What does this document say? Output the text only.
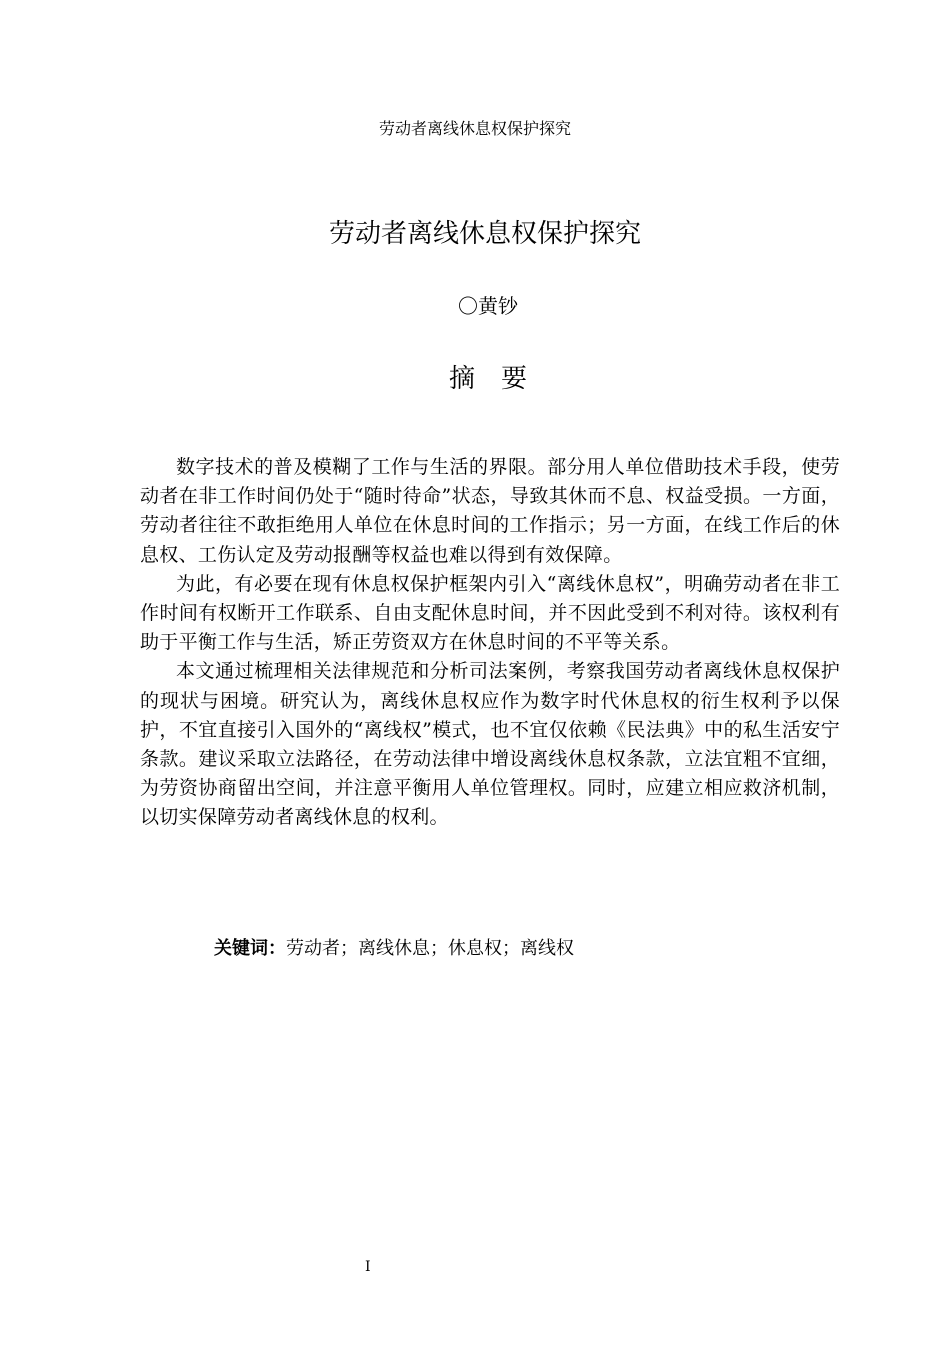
劳动者离线休息权保护探究
劳动者离线休息权保护探究
〇黄钞
摘　要

数字技术的普及模糊了工作与生活的界限。部分用人单位借助技术手段，使劳动者在非工作时间仍处于“随时待命”状态，导致其休而不息、权益受损。一方面，劳动者往往不敢拒绝用人单位在休息时间的工作指示；另一方面，在线工作后的休息权、工伤认定及劳动报酬等权益也难以得到有效保障。

为此，有必要在现有休息权保护框架内引入“离线休息权”，明确劳动者在非工作时间有权断开工作联系、自由支配休息时间，并不因此受到不利对待。该权利有助于平衡工作与生活，矫正劳资双方在休息时间的不平等关系。

本文通过梳理相关法律规范和分析司法案例，考察我国劳动者离线休息权保护的现状与困境。研究认为，离线休息权应作为数字时代休息权的衍生权利予以保护，不宜直接引入国外的“离线权”模式，也不宜仅依赖《民法典》中的私生活安宁条款。建议采取立法路径，在劳动法律中增设离线休息权条款，立法宜粗不宜细，为劳资协商留出空间，并注意平衡用人单位管理权。同时，应建立相应救济机制，以切实保障劳动者离线休息的权利。

关键词：劳动者；离线休息；休息权；离线权
I
